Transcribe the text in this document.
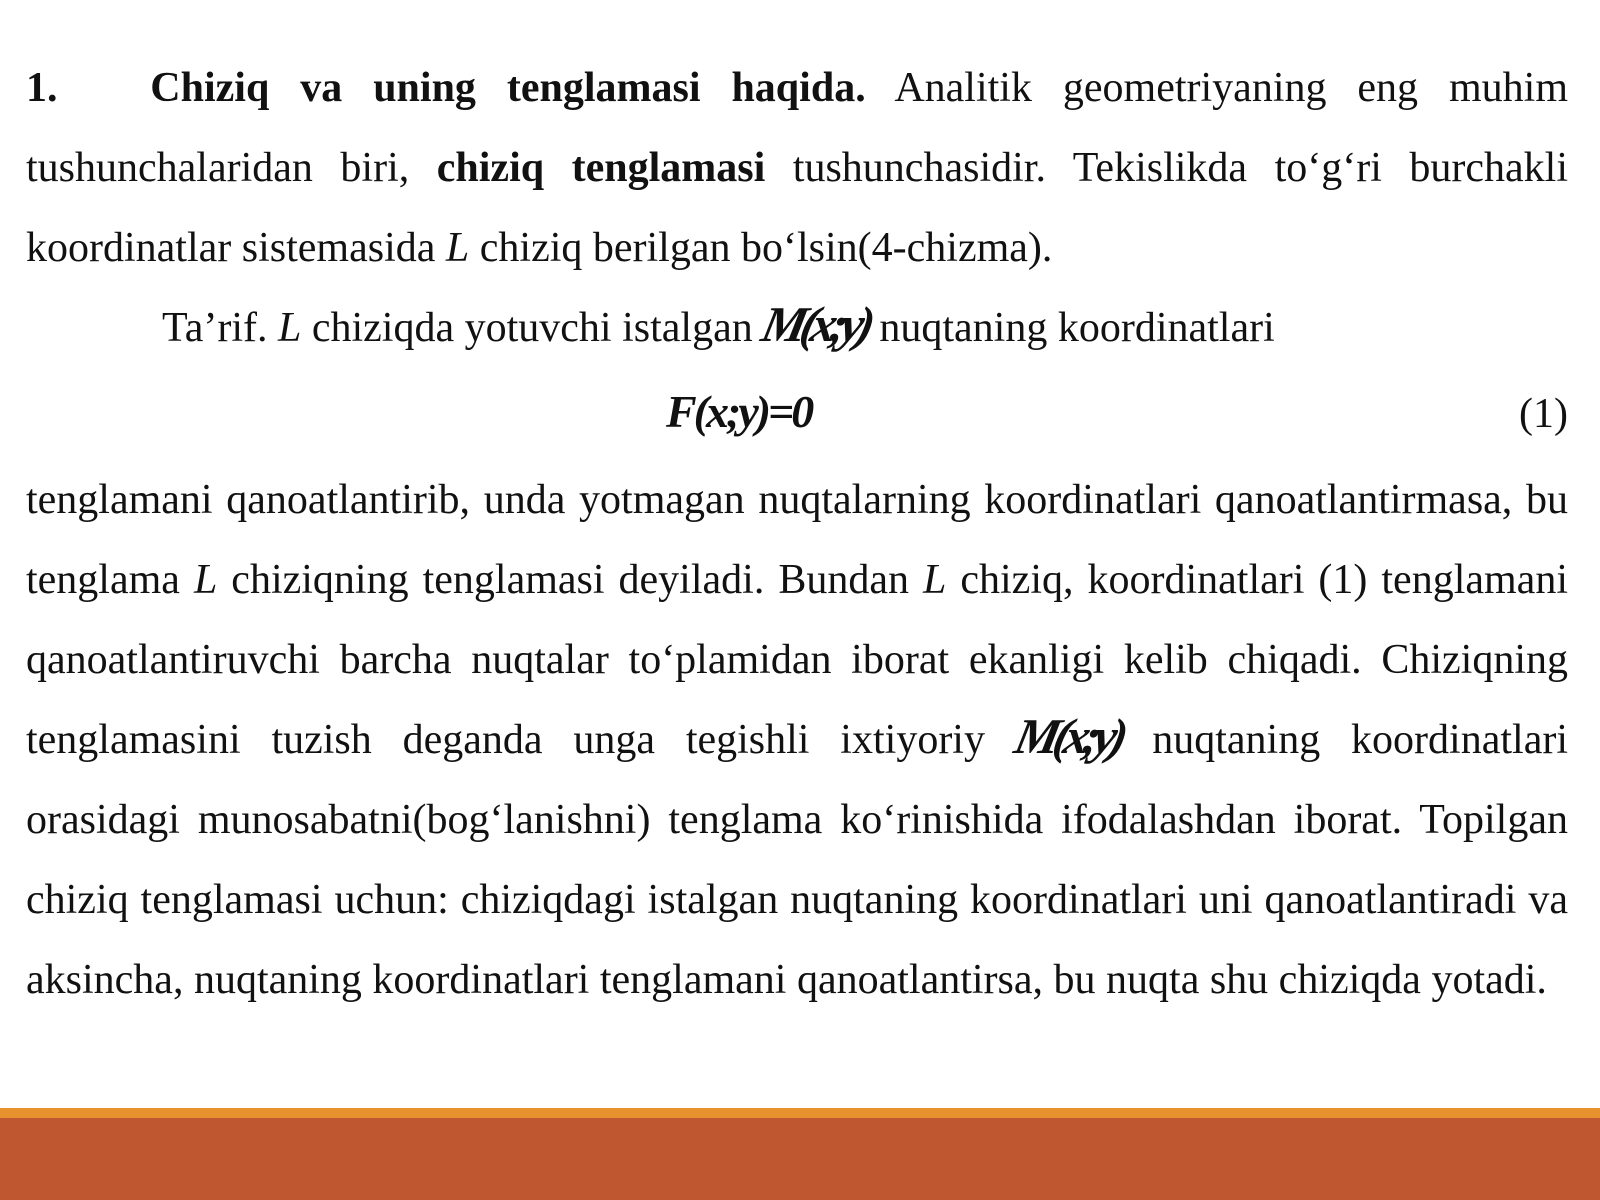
1. Chiziq va uning tenglamasi haqida. Analitik geometriyaning eng muhim tushunchalaridan biri, chiziq tenglamasi tushunchasidir. Tekislikda to‘g‘ri burchakli koordinatlar sistemasida L chiziq berilgan bo‘lsin(4-chizma).

Ta’rif. L chiziqda yotuvchi istalgan M(x;y) nuqtaning koordinatlari

F(x;y)=0	(1)

tenglamani qanoatlantirib, unda yotmagan nuqtalarning koordinatlari qanoatlantirmasa, bu tenglama L chiziqning tenglamasi deyiladi. Bundan L chiziq, koordinatlari (1) tenglamani qanoatlantiruvchi barcha nuqtalar to‘plamidan iborat ekanligi kelib chiqadi. Chiziqning tenglamasini tuzish deganda unga tegishli ixtiyoriy M(x;y) nuqtaning koordinatlari orasidagi munosabatni(bog‘lanishni) tenglama ko‘rinishida ifodalashdan iborat. Topilgan chiziq tenglamasi uchun: chiziqdagi istalgan nuqtaning koordinatlari uni qanoatlantiradi va aksincha, nuqtaning koordinatlari tenglamani qanoatlantirsa, bu nuqta shu chiziqda yotadi.
